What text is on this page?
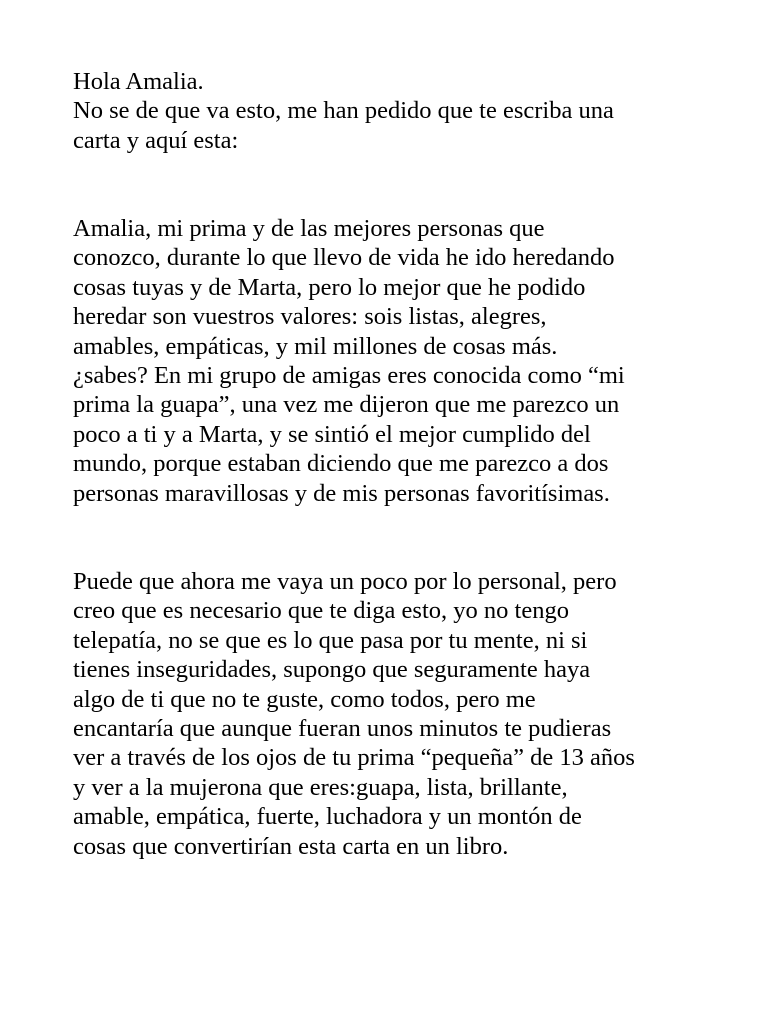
Hola Amalia.
No se de que va esto, me han pedido que te escriba una
carta y aquí esta:
Amalia, mi prima y de las mejores personas que
conozco, durante lo que llevo de vida he ido heredando
cosas tuyas y de Marta, pero lo mejor que he podido
heredar son vuestros valores: sois listas, alegres,
amables, empáticas, y mil millones de cosas más.
¿sabes? En mi grupo de amigas eres conocida como “mi
prima la guapa”, una vez me dijeron que me parezco un
poco a ti y a Marta, y se sintió el mejor cumplido del
mundo, porque estaban diciendo que me parezco a dos
personas maravillosas y de mis personas favoritísimas.
Puede que ahora me vaya un poco por lo personal, pero
creo que es necesario que te diga esto, yo no tengo
telepatía, no se que es lo que pasa por tu mente, ni si
tienes inseguridades, supongo que seguramente haya
algo de ti que no te guste, como todos, pero me
encantaría que aunque fueran unos minutos te pudieras
ver a través de los ojos de tu prima “pequeña” de 13 años
y ver a la mujerona que eres:guapa, lista, brillante,
amable, empática, fuerte, luchadora y un montón de
cosas que convertirían esta carta en un libro.
